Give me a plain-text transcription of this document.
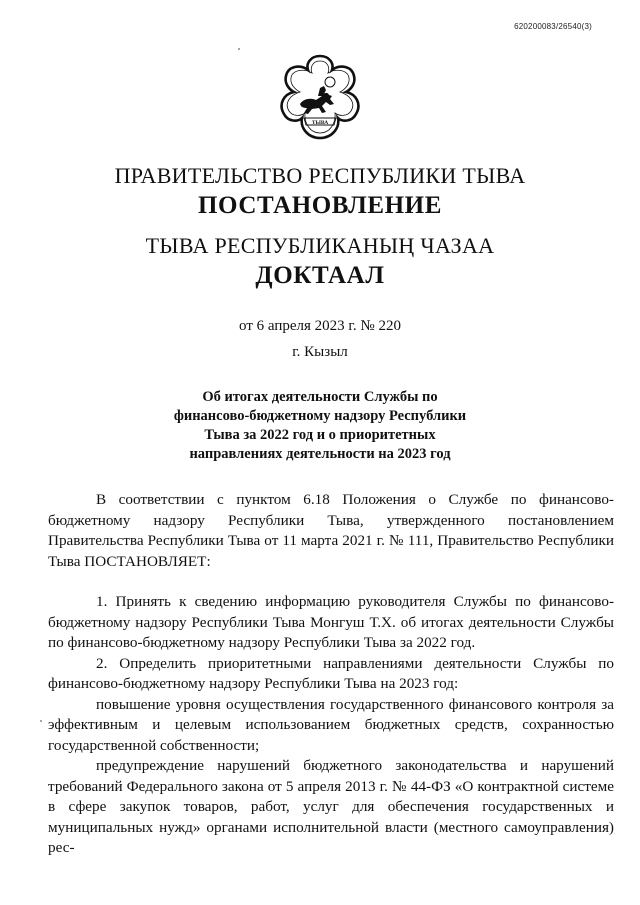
620200083/26540(3)
ТЫВА
ПРАВИТЕЛЬСТВО РЕСПУБЛИКИ ТЫВА
ПОСТАНОВЛЕНИЕ
ТЫВА РЕСПУБЛИКАНЫҢ ЧАЗАА
ДОКТААЛ
от 6 апреля 2023 г. № 220
г. Кызыл
Об итогах деятельности Службы по
финансово-бюджетному надзору Республики
Тыва за 2022 год и о приоритетных
направлениях деятельности на 2023 год

В соответствии с пунктом 6.18 Положения о Службе по финансово-бюджетному надзору Республики Тыва, утвержденного постановлением Правительства Республики Тыва от 11 марта 2021 г. № 111, Правительство Республики Тыва ПОСТАНОВЛЯЕТ:

1. Принять к сведению информацию руководителя Службы по финансово-бюджетному надзору Республики Тыва Монгуш Т.Х. об итогах деятельности Службы по финансово-бюджетному надзору Республики Тыва за 2022 год.

2. Определить приоритетными направлениями деятельности Службы по финансово-бюджетному надзору Республики Тыва на 2023 год:

повышение уровня осуществления государственного финансового контроля за эффективным и целевым использованием бюджетных средств, сохранностью государственной собственности;

предупреждение нарушений бюджетного законодательства и нарушений требований Федерального закона от 5 апреля 2013 г. № 44-ФЗ «О контрактной системе в сфере закупок товаров, работ, услуг для обеспечения государственных и муниципальных нужд» органами исполнительной власти (местного самоуправления) рес-
